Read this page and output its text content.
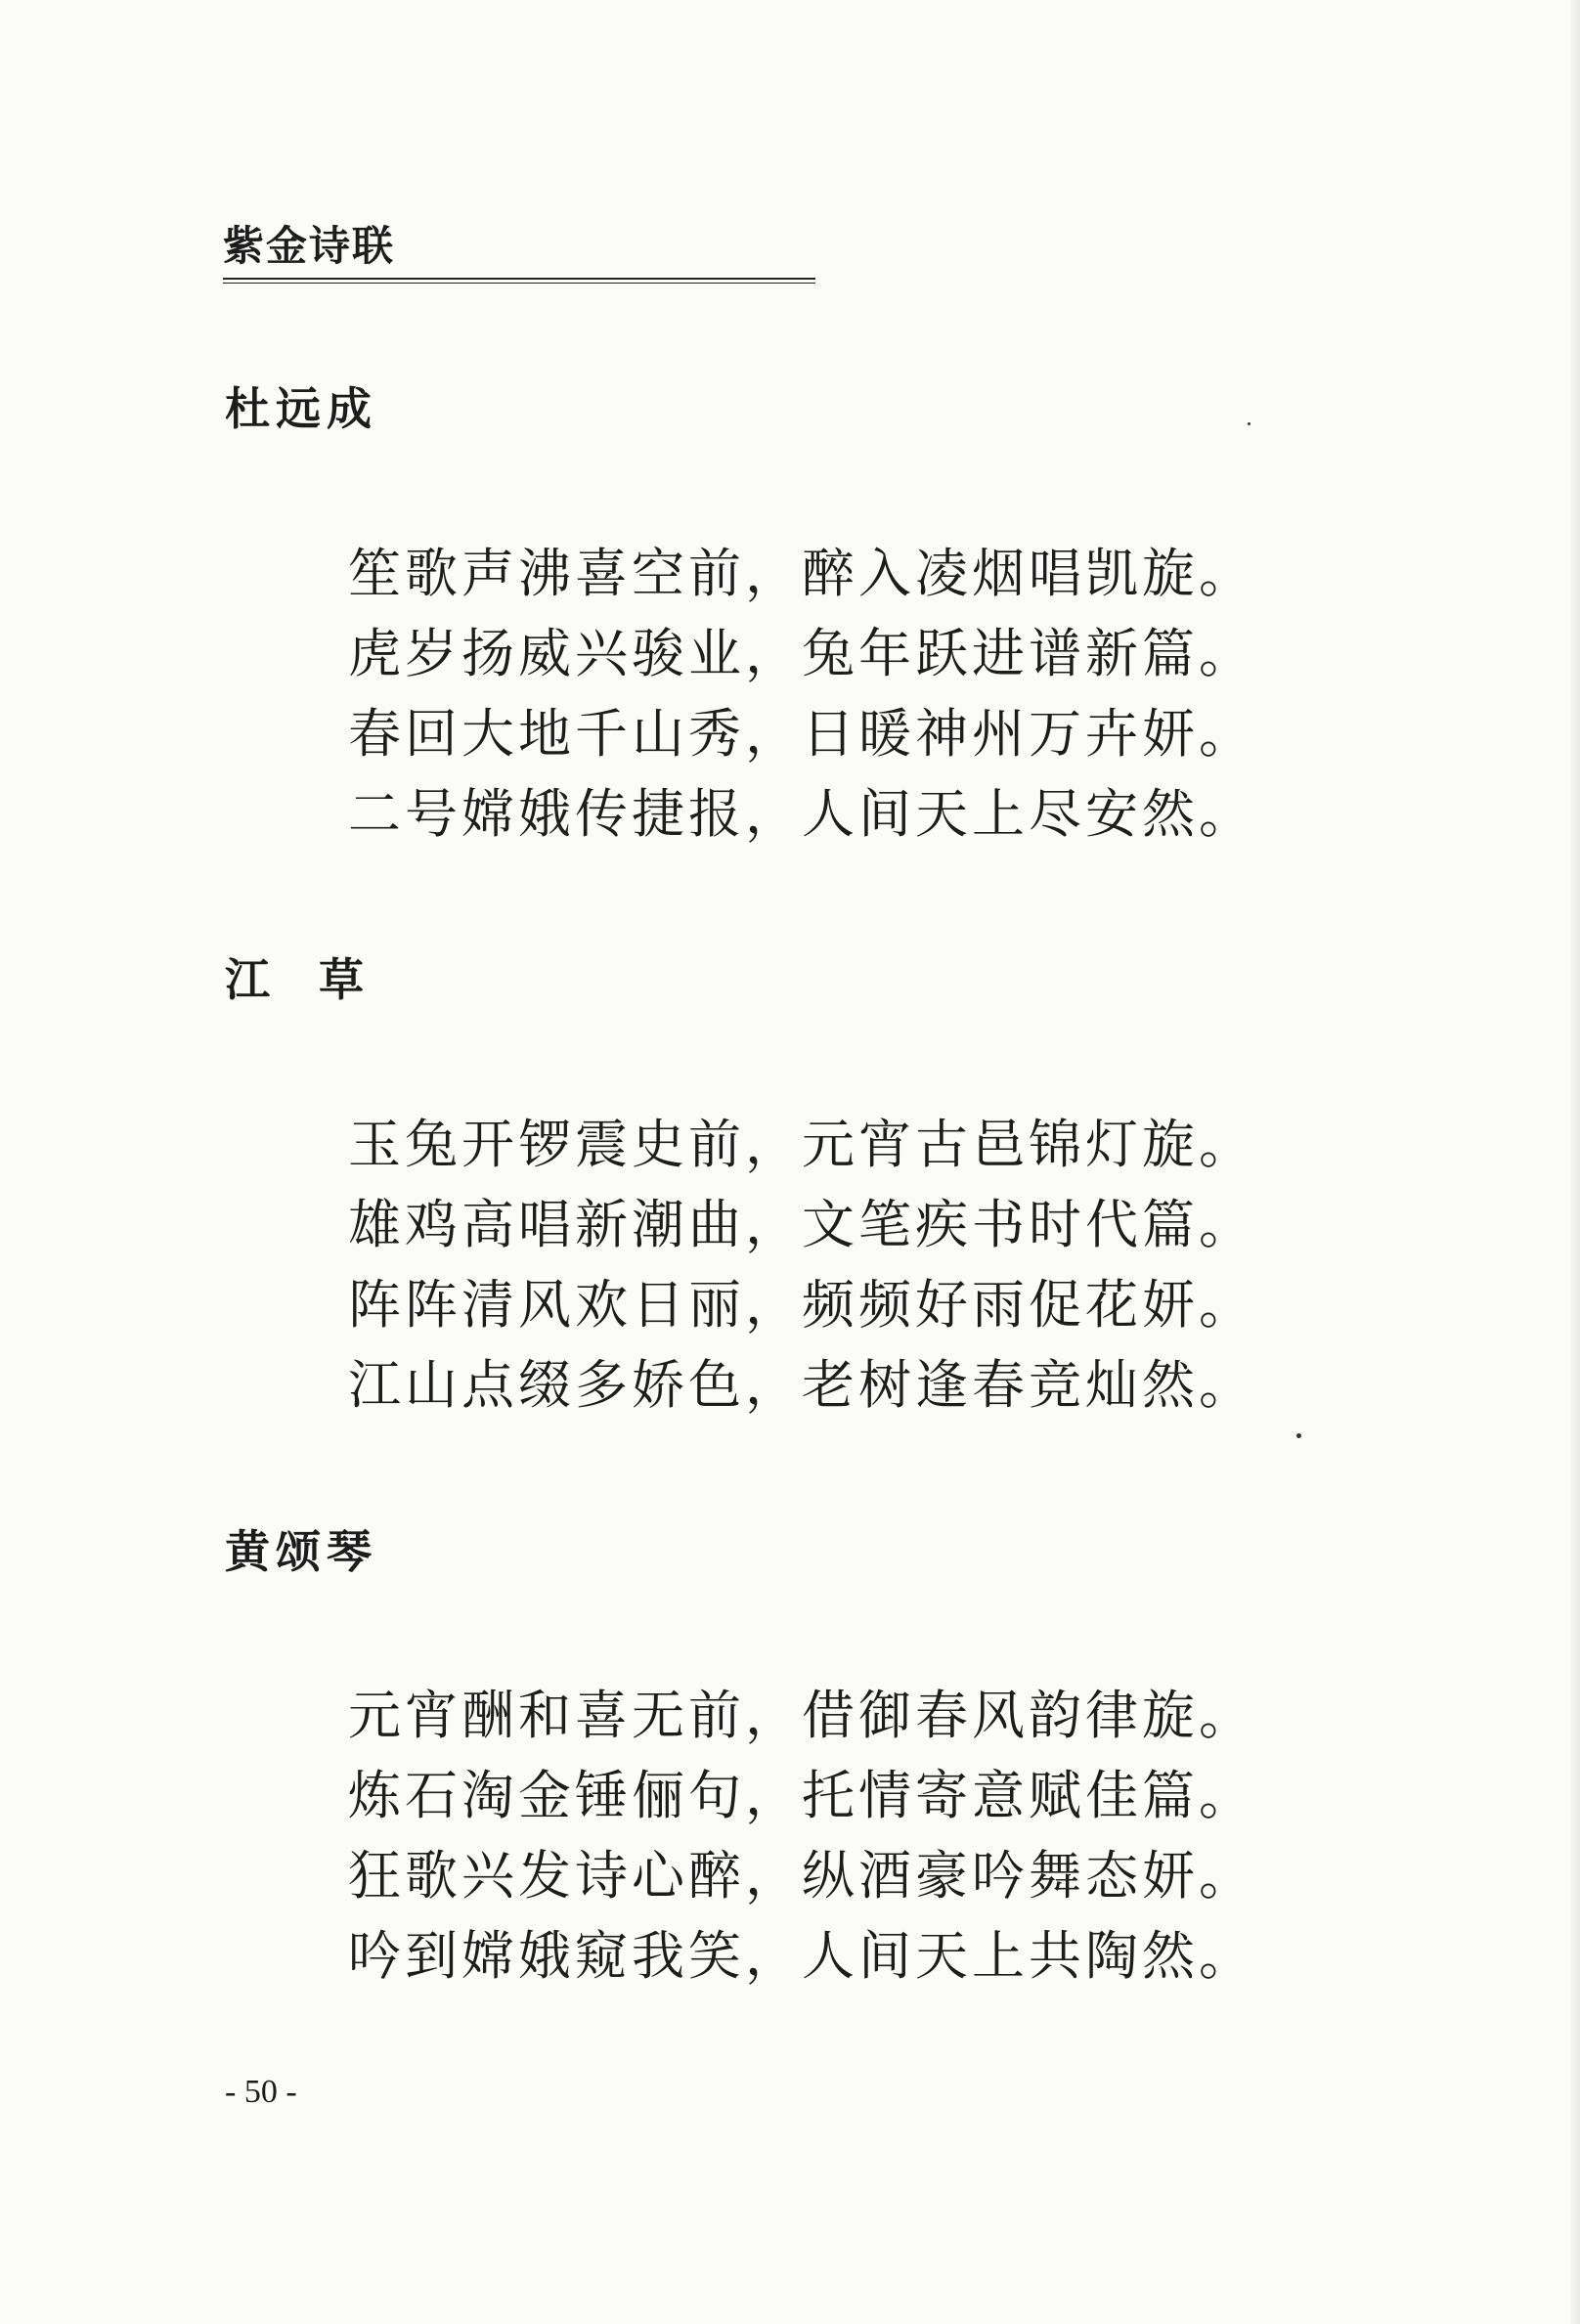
紫金诗联
杜远成
笙歌声沸喜空前，醉入凌烟唱凯旋。
虎岁扬威兴骏业，兔年跃进谱新篇。
春回大地千山秀，日暖神州万卉妍。
二号嫦娥传捷报，人间天上尽安然。
江  草
玉兔开锣震史前，元宵古邑锦灯旋。
雄鸡高唱新潮曲，文笔疾书时代篇。
阵阵清风欢日丽，频频好雨促花妍。
江山点缀多娇色，老树逢春竞灿然。
黄颂琴
元宵酬和喜无前，借御春风韵律旋。
炼石淘金锤俪句，托情寄意赋佳篇。
狂歌兴发诗心醉，纵酒豪吟舞态妍。
吟到嫦娥窥我笑，人间天上共陶然。
- 50 -
